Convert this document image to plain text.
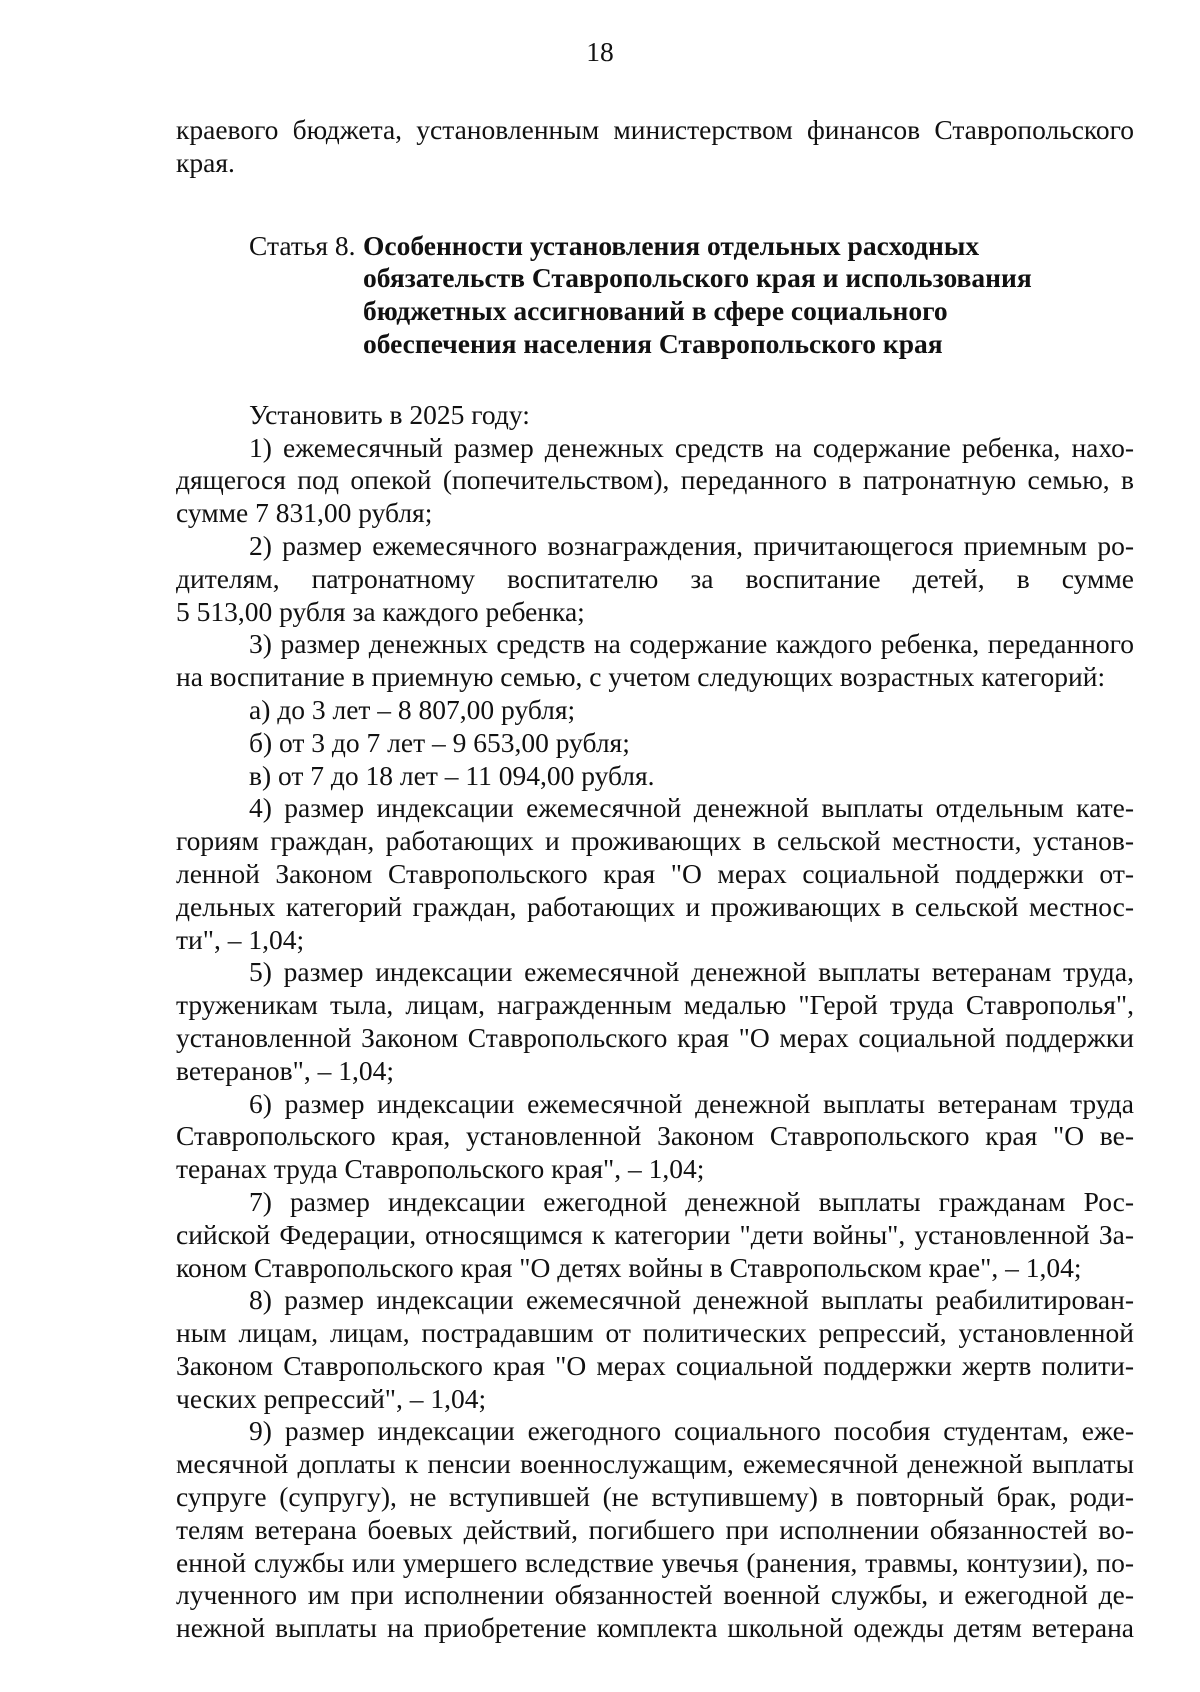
18

краевого бюджета, установленным министерством финансов Ставропольского

края.

Статья 8. Особенности установления отдельных расходных

обязательств Ставропольского края и использования

бюджетных ассигнований в сфере социального

обеспечения населения Ставропольского края

Установить в 2025 году:

1) ежемесячный размер денежных средств на содержание ребенка, нахо-

дящегося под опекой (попечительством), переданного в патронатную семью, в

сумме 7 831,00 рубля;

2) размер ежемесячного вознаграждения, причитающегося приемным ро-

дителям, патронатному воспитателю за воспитание детей, в сумме

5 513,00 рубля за каждого ребенка;

3) размер денежных средств на содержание каждого ребенка, переданного

на воспитание в приемную семью, с учетом следующих возрастных категорий:

а) до 3 лет – 8 807,00 рубля;

б) от 3 до 7 лет – 9 653,00 рубля;

в) от 7 до 18 лет – 11 094,00 рубля.

4) размер индексации ежемесячной денежной выплаты отдельным кате-

гориям граждан, работающих и проживающих в сельской местности, установ-

ленной Законом Ставропольского края "О мерах социальной поддержки от-

дельных категорий граждан, работающих и проживающих в сельской местнос-

ти", – 1,04;

5) размер индексации ежемесячной денежной выплаты ветеранам труда,

труженикам тыла, лицам, награжденным медалью "Герой труда Ставрополья",

установленной Законом Ставропольского края "О мерах социальной поддержки

ветеранов", – 1,04;

6) размер индексации ежемесячной денежной выплаты ветеранам труда

Ставропольского края, установленной Законом Ставропольского края "О ве-

теранах труда Ставропольского края", – 1,04;

7) размер индексации ежегодной денежной выплаты гражданам Рос-

сийской Федерации, относящимся к категории "дети войны", установленной За-

коном Ставропольского края "О детях войны в Ставропольском крае", – 1,04;

8) размер индексации ежемесячной денежной выплаты реабилитирован-

ным лицам, лицам, пострадавшим от политических репрессий, установленной

Законом Ставропольского края "О мерах социальной поддержки жертв полити-

ческих репрессий", – 1,04;

9) размер индексации ежегодного социального пособия студентам, еже-

месячной доплаты к пенсии военнослужащим, ежемесячной денежной выплаты

супруге (супругу), не вступившей (не вступившему) в повторный брак, роди-

телям ветерана боевых действий, погибшего при исполнении обязанностей во-

енной службы или умершего вследствие увечья (ранения, травмы, контузии), по-

лученного им при исполнении обязанностей военной службы, и ежегодной де-

нежной выплаты на приобретение комплекта школьной одежды детям ветерана
